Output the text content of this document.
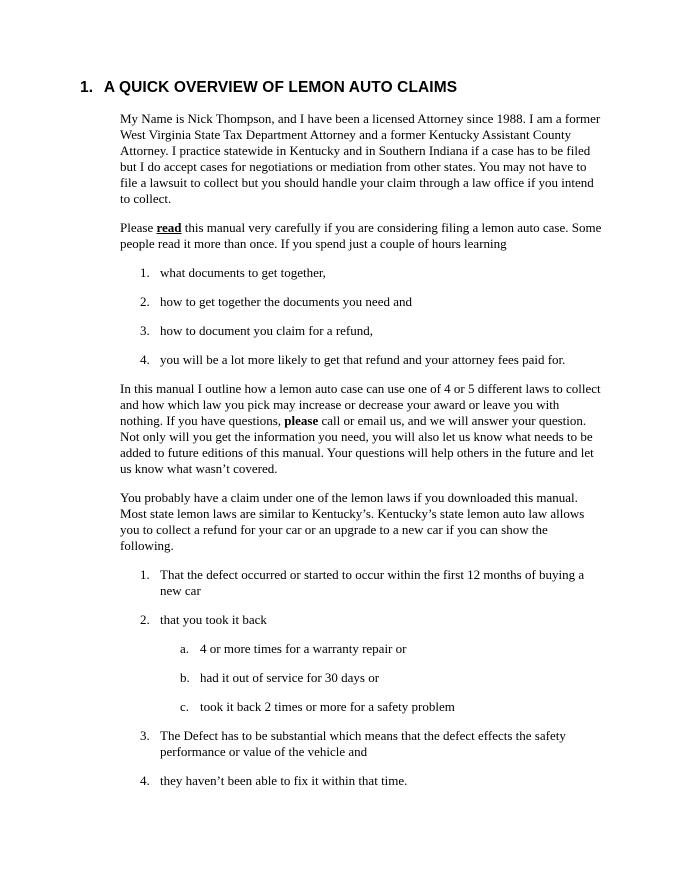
1. A QUICK OVERVIEW OF LEMON AUTO CLAIMS

My Name is Nick Thompson, and I have been a licensed Attorney since 1988. I am a former West Virginia State Tax Department Attorney and a former Kentucky Assistant County Attorney. I practice statewide in Kentucky and in Southern Indiana if a case has to be filed but I do accept cases for negotiations or mediation from other states. You may not have to file a lawsuit to collect but you should handle your claim through a law office if you intend to collect.

Please read this manual very carefully if you are considering filing a lemon auto case. Some people read it more than once. If you spend just a couple of hours learning

1. what documents to get together,
2. how to get together the documents you need and
3. how to document you claim for a refund,
4. you will be a lot more likely to get that refund and your attorney fees paid for.

In this manual I outline how a lemon auto case can use one of 4 or 5 different laws to collect and how which law you pick may increase or decrease your award or leave you with nothing. If you have questions, please call or email us, and we will answer your question. Not only will you get the information you need, you will also let us know what needs to be added to future editions of this manual. Your questions will help others in the future and let us know what wasn’t covered.

You probably have a claim under one of the lemon laws if you downloaded this manual. Most state lemon laws are similar to Kentucky’s. Kentucky’s state lemon auto law allows you to collect a refund for your car or an upgrade to a new car if you can show the following.

1. That the defect occurred or started to occur within the first 12 months of buying a new car
2. that you took it back
a. 4 or more times for a warranty repair or
b. had it out of service for 30 days or
c. took it back 2 times or more for a safety problem
3. The Defect has to be substantial which means that the defect effects the safety performance or value of the vehicle and
4. they haven’t been able to fix it within that time.
